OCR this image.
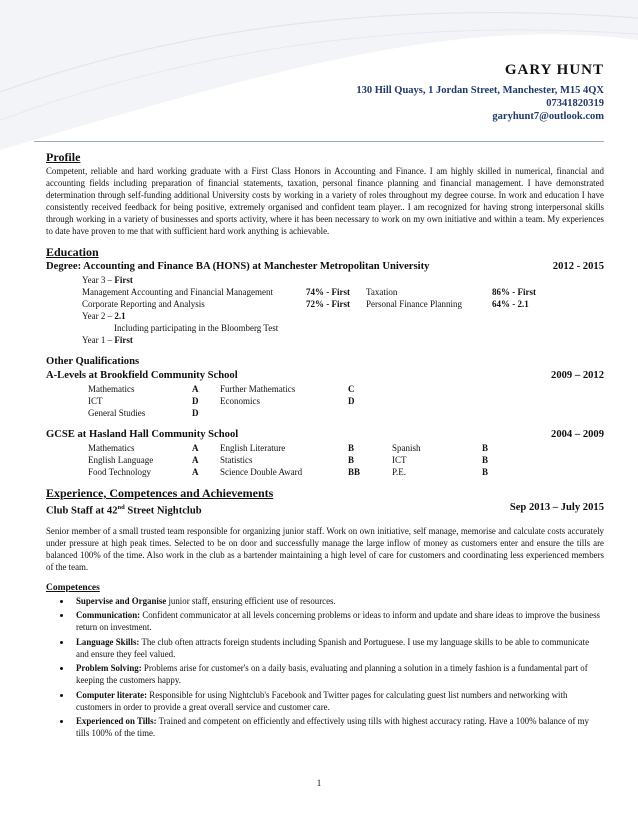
GARY HUNT
130 Hill Quays, 1 Jordan Street, Manchester, M15 4QX
07341820319
garyhunt7@outlook.com
Profile

Competent, reliable and hard working graduate with a First Class Honors in Accounting and Finance. I am highly skilled in numerical, financial and accounting fields including preparation of financial statements, taxation, personal finance planning and financial management. I have demonstrated determination through self-funding additional University costs by working in a variety of roles throughout my degree course. In work and education I have consistently received feedback for being positive, extremely organised and confident team player.. I am recognized for having strong interpersonal skills through working in a variety of businesses and sports activity, where it has been necessary to work on my own initiative and within a team. My experiences to date have proven to me that with sufficient hard work anything is achievable.

Education
Degree: Accounting and Finance BA (HONS) at Manchester Metropolitan University	2012 - 2015
Year 3 – First
Management Accounting and Financial Management	74% - First	Taxation	86% - First
Corporate Reporting and Analysis	72% - First	Personal Finance Planning	64% - 2.1
Year 2 – 2.1
Including participating in the Bloomberg Test
Year 1 – First
Other Qualifications
A-Levels at Brookfield Community School	2009 – 2012
Mathematics	A	Further Mathematics	C
ICT	D	Economics	D
General Studies	D		
GCSE at Hasland Hall Community School	2004 – 2009
Mathematics	A	English Literature	B	Spanish	B
English Language	A	Statistics	B	ICT	B
Food Technology	A	Science Double Award	BB	P.E.	B
Experience, Competences and Achievements
Club Staff at 42nd Street Nightclub	Sep 2013 – July 2015

Senior member of a small trusted team responsible for organizing junior staff. Work on own initiative, self manage, memorise and calculate costs accurately under pressure at high peak times. Selected to be on door and successfully manage the large inflow of money as customers enter and ensure the tills are balanced 100% of the time. Also work in the club as a bartender maintaining a high level of care for customers and coordinating less experienced members of the team.

Competences
• Supervise and Organise junior staff, ensuring efficient use of resources.
• Communication: Confident communicator at all levels concerning problems or ideas to inform and update and share ideas to improve the business return on investment.
• Language Skills: The club often attracts foreign students including Spanish and Portuguese. I use my language skills to be able to communicate and ensure they feel valued.
• Problem Solving: Problems arise for customer's on a daily basis, evaluating and planning a solution in a timely fashion is a fundamental part of keeping the customers happy.
• Computer literate: Responsible for using Nightclub's Facebook and Twitter pages for calculating guest list numbers and networking with customers in order to provide a great overall service and customer care.
• Experienced on Tills: Trained and competent on efficiently and effectively using tills with highest accuracy rating. Have a 100% balance of my tills 100% of the time.
1
